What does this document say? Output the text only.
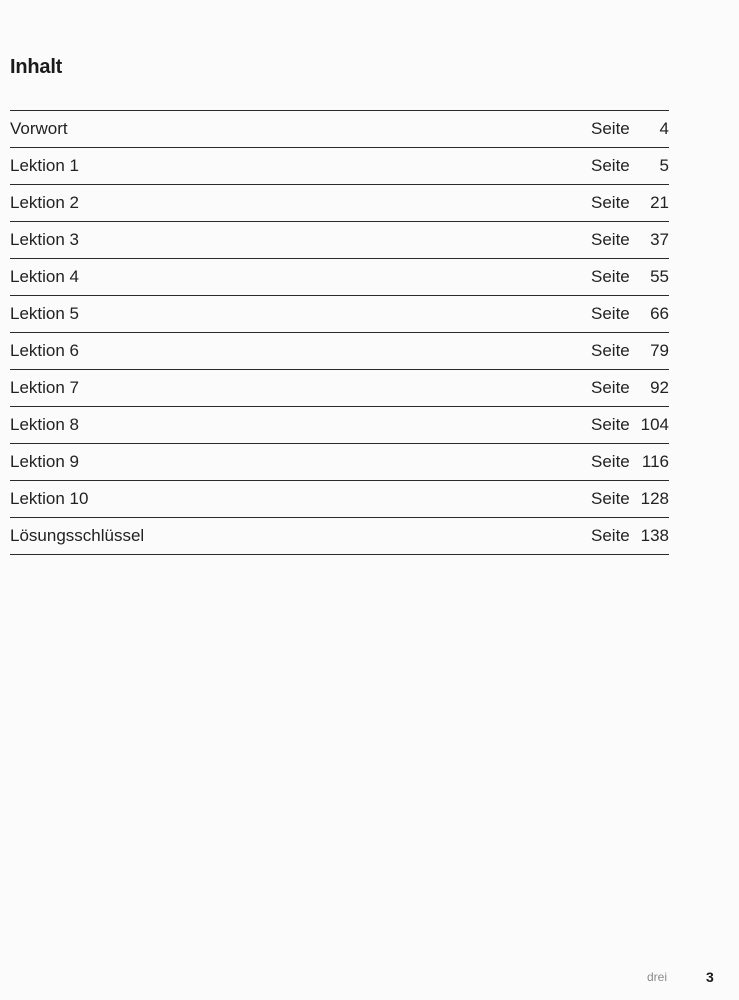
Inhalt
Vorwort	Seite	4
Lektion 1	Seite	5
Lektion 2	Seite	21
Lektion 3	Seite	37
Lektion 4	Seite	55
Lektion 5	Seite	66
Lektion 6	Seite	79
Lektion 7	Seite	92
Lektion 8	Seite 104
Lektion 9	Seite 116
Lektion 10	Seite 128
Lösungsschlüssel	Seite 138
drei	3
